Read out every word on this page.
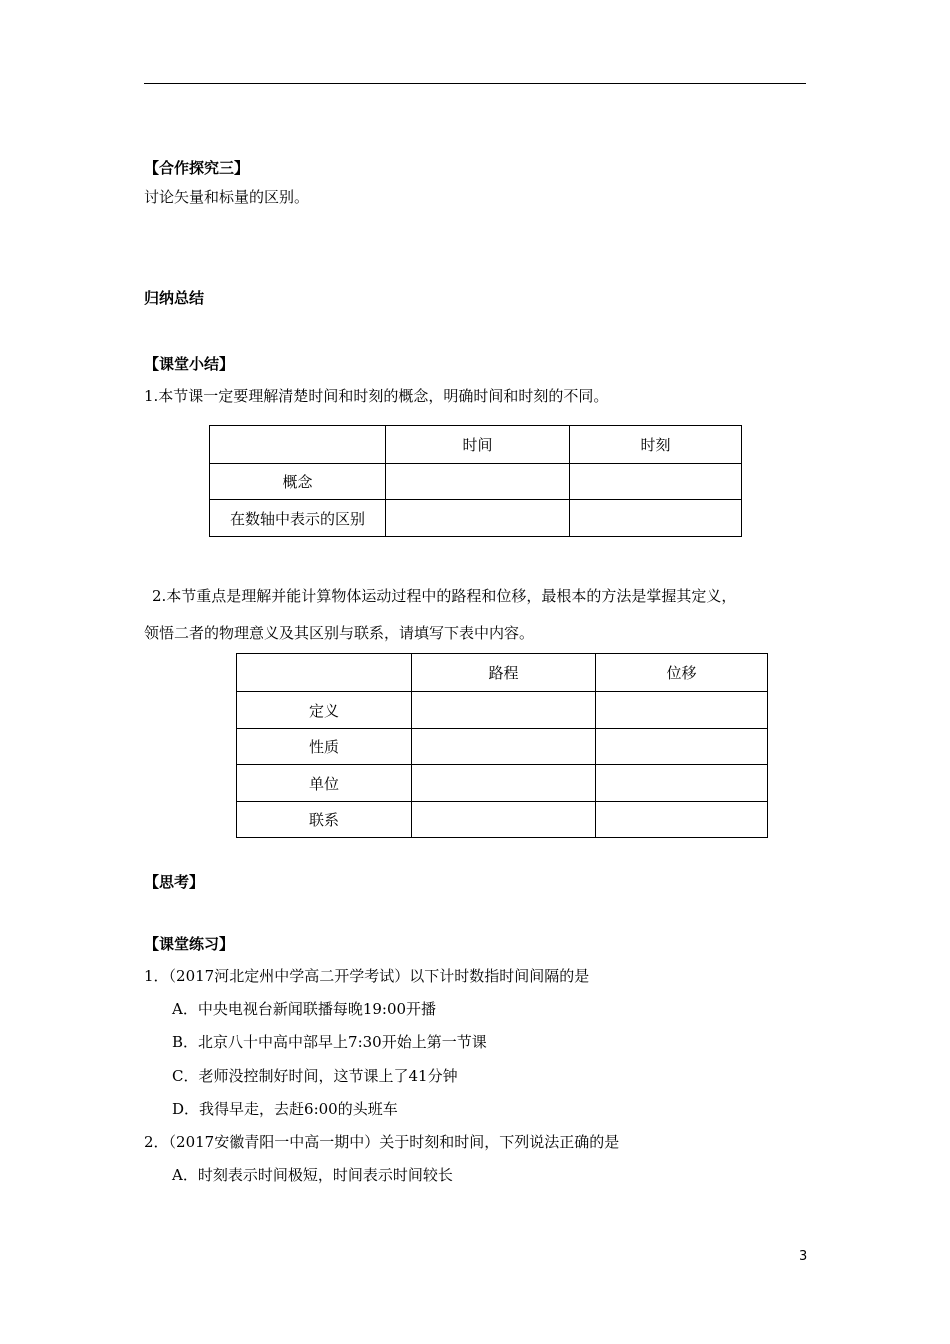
【合作探究三】
讨论矢量和标量的区别。
归纳总结
【课堂小结】
1.本节课一定要理解清楚时间和时刻的概念，明确时间和时刻的不同。
	时间	时刻
概念		
在数轴中表示的区别		
2.本节重点是理解并能计算物体运动过程中的路程和位移，最根本的方法是掌握其定义，
领悟二者的物理意义及其区别与联系，请填写下表中内容。
	路程	位移
定义		
性质		
单位		
联系		
【思考】
【课堂练习】
1．（2017河北定州中学高二开学考试）以下计时数指时间间隔的是
A．中央电视台新闻联播每晚19:00开播
B．北京八十中高中部早上7:30开始上第一节课
C．老师没控制好时间，这节课上了41分钟
D．我得早走，去赶6:00的头班车
2．（2017安徽青阳一中高一期中）关于时刻和时间，下列说法正确的是
A．时刻表示时间极短，时间表示时间较长
3
